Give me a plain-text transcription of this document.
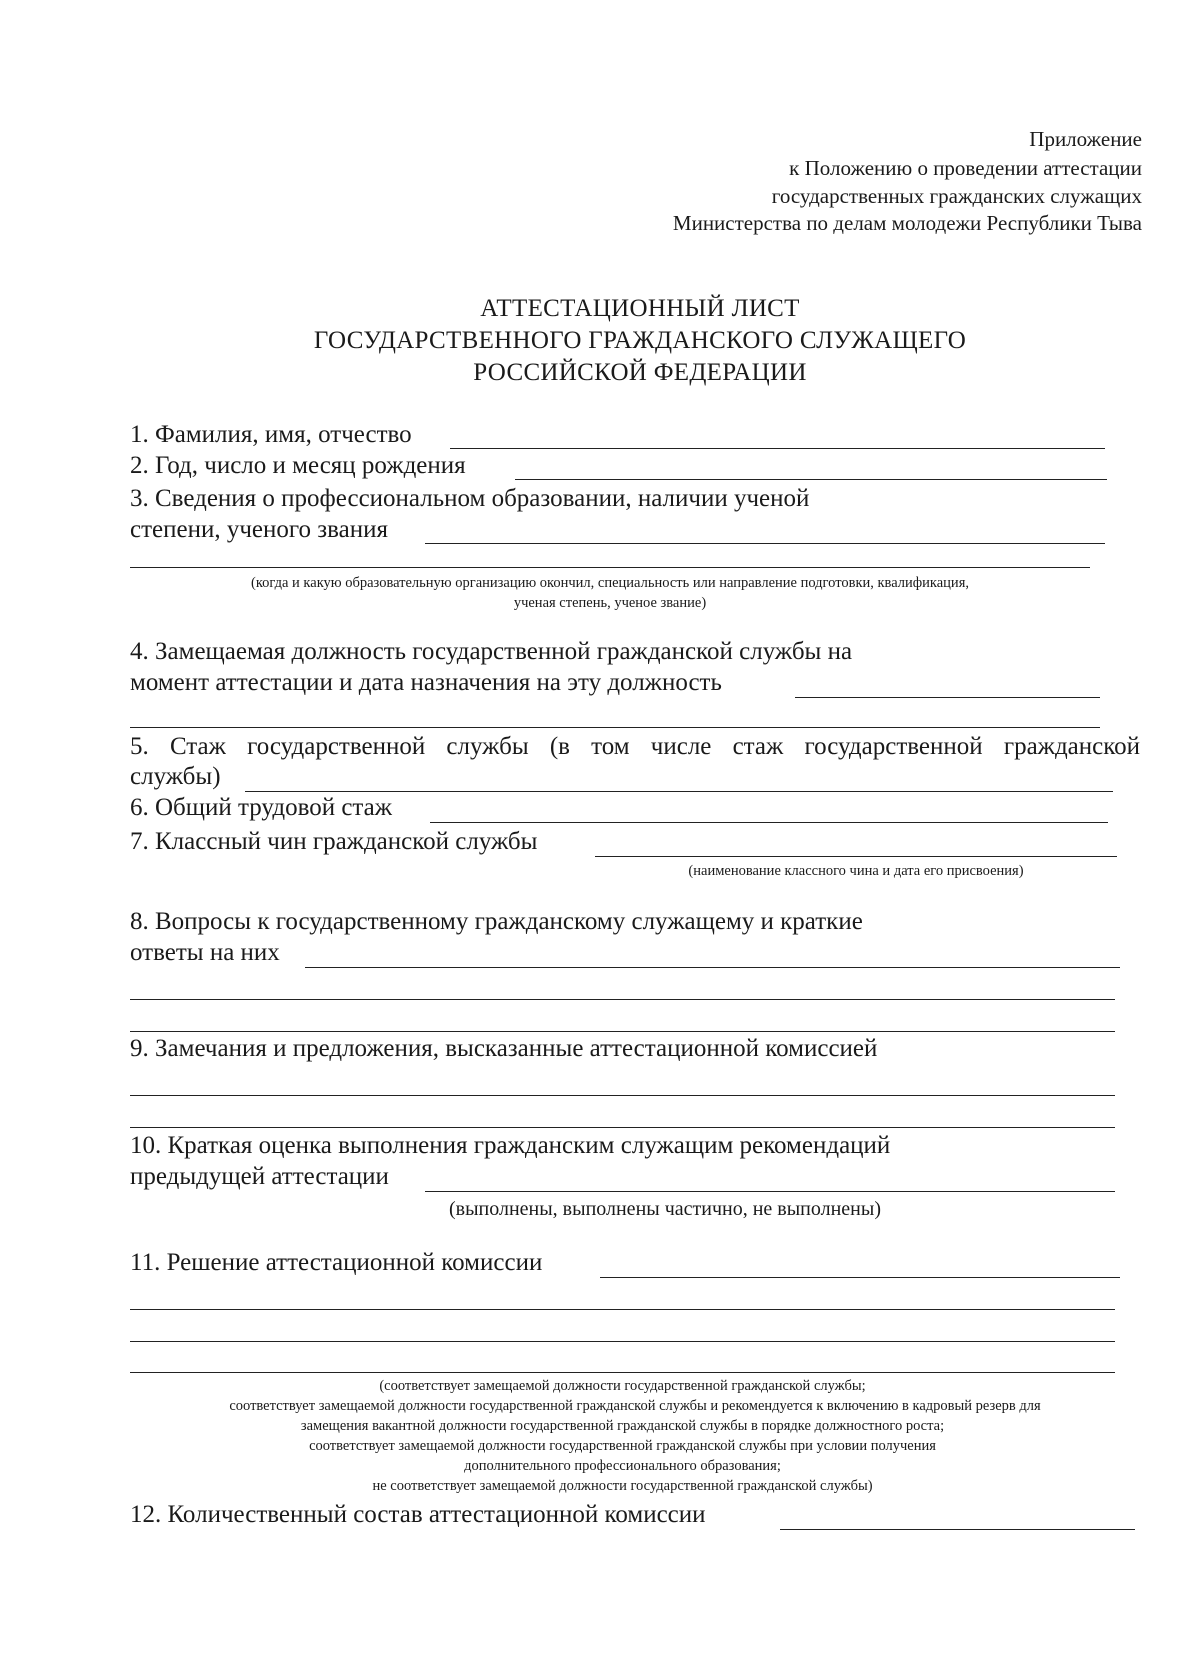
Приложение
к Положению о проведении аттестации
государственных гражданских служащих
Министерства по делам молодежи Республики Тыва
АТТЕСТАЦИОННЫЙ ЛИСТ
ГОСУДАРСТВЕННОГО ГРАЖДАНСКОГО СЛУЖАЩЕГО
РОССИЙСКОЙ ФЕДЕРАЦИИ
1. Фамилия, имя, отчество
2. Год, число и месяц рождения
3. Сведения о профессиональном образовании, наличии ученой
степени, ученого звания
(когда и какую образовательную организацию окончил, специальность или направление подготовки, квалификация,
ученая степень, ученое звание)
4. Замещаемая должность государственной гражданской службы на
момент аттестации и дата назначения на эту должность
5. Стаж государственной службы (в том числе стаж государственной гражданской
службы)
6. Общий трудовой стаж
7. Классный чин гражданской службы
(наименование классного чина и дата его присвоения)
8. Вопросы к государственному гражданскому служащему и краткие
ответы на них
9. Замечания и предложения, высказанные аттестационной комиссией
10. Краткая оценка выполнения гражданским служащим рекомендаций
предыдущей аттестации
(выполнены, выполнены частично, не выполнены)
11. Решение аттестационной комиссии
(соответствует замещаемой должности государственной гражданской службы;
соответствует замещаемой должности государственной гражданской службы и рекомендуется к включению в кадровый резерв для
замещения вакантной должности государственной гражданской службы в порядке должностного роста;
соответствует замещаемой должности государственной гражданской службы при условии получения
дополнительного профессионального образования;
не соответствует замещаемой должности государственной гражданской службы)
12. Количественный состав аттестационной комиссии
